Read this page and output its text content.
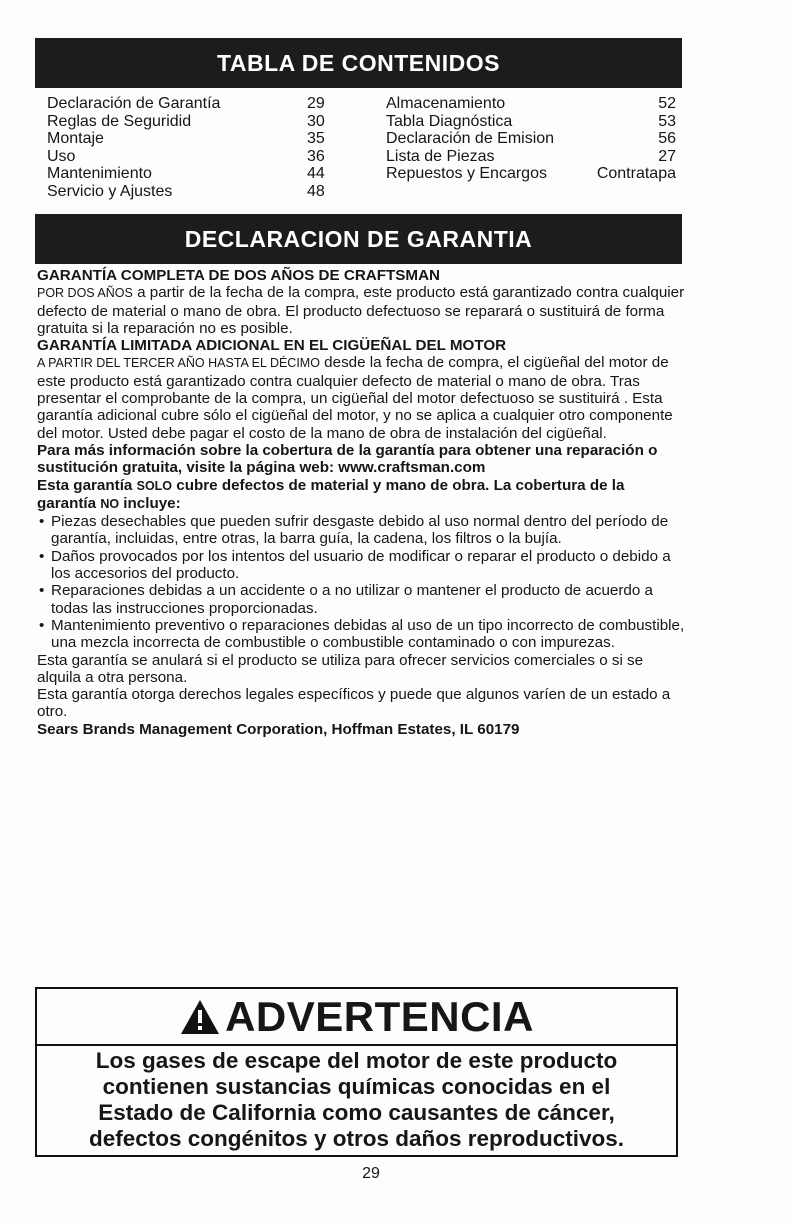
TABLA DE CONTENIDOS
Declaración de Garantía	29
Reglas de Seguridid	30
Montaje	35
Uso	36
Mantenimiento	44
Servicio y Ajustes	48
Almacenamiento	52
Tabla Diagnóstica	53
Declaración de Emision	56
Lista de Piezas	27
Repuestos y Encargos	Contratapa
DECLARACION DE GARANTIA

GARANTÍA COMPLETA DE DOS AÑOS DE CRAFTSMAN

POR DOS AÑOS a partir de la fecha de la compra, este producto está garantizado contra cualquier defecto de material o mano de obra. El producto defectuoso se reparará o sustituirá de forma gratuita si la reparación no es posible.

GARANTÍA LIMITADA ADICIONAL EN EL CIGÜEÑAL DEL MOTOR

A PARTIR DEL TERCER AÑO HASTA EL DÉCIMO desde la fecha de compra, el cigüeñal del motor de este producto está garantizado contra cualquier defecto de material o mano de obra. Tras presentar el comprobante de la compra, un cigüeñal del motor defectuoso se sustituirá . Esta garantía adicional cubre sólo el cigüeñal del motor, y no se aplica a cualquier otro componente del motor. Usted debe pagar el costo de la mano de obra de instalación del cigüeñal.

Para más información sobre la cobertura de la garantía para obtener una reparación o sustitución gratuita, visite la página web: www.craftsman.com

Esta garantía SOLO cubre defectos de material y mano de obra. La cobertura de la garantía NO incluye:

• Piezas desechables que pueden sufrir desgaste debido al uso normal dentro del período de garantía, incluidas, entre otras, la barra guía, la cadena, los filtros o la bujía.
• Daños provocados por los intentos del usuario de modificar o reparar el producto o debido a los accesorios del producto.
• Reparaciones debidas a un accidente o a no utilizar o mantener el producto de acuerdo a todas las instrucciones proporcionadas.
• Mantenimiento preventivo o reparaciones debidas al uso de un tipo incorrecto de combustible, una mezcla incorrecta de combustible o combustible contaminado o con impurezas.

Esta garantía se anulará si el producto se utiliza para ofrecer servicios comerciales o si se alquila a otra persona.

Esta garantía otorga derechos legales específicos y puede que algunos varíen de un estado a otro.

Sears Brands Management Corporation, Hoffman Estates, IL 60179

ADVERTENCIA
Los gases de escape del motor de este producto
contienen sustancias químicas conocidas en el
Estado de California como causantes de cáncer,
defectos congénitos y otros daños reproductivos.
29
